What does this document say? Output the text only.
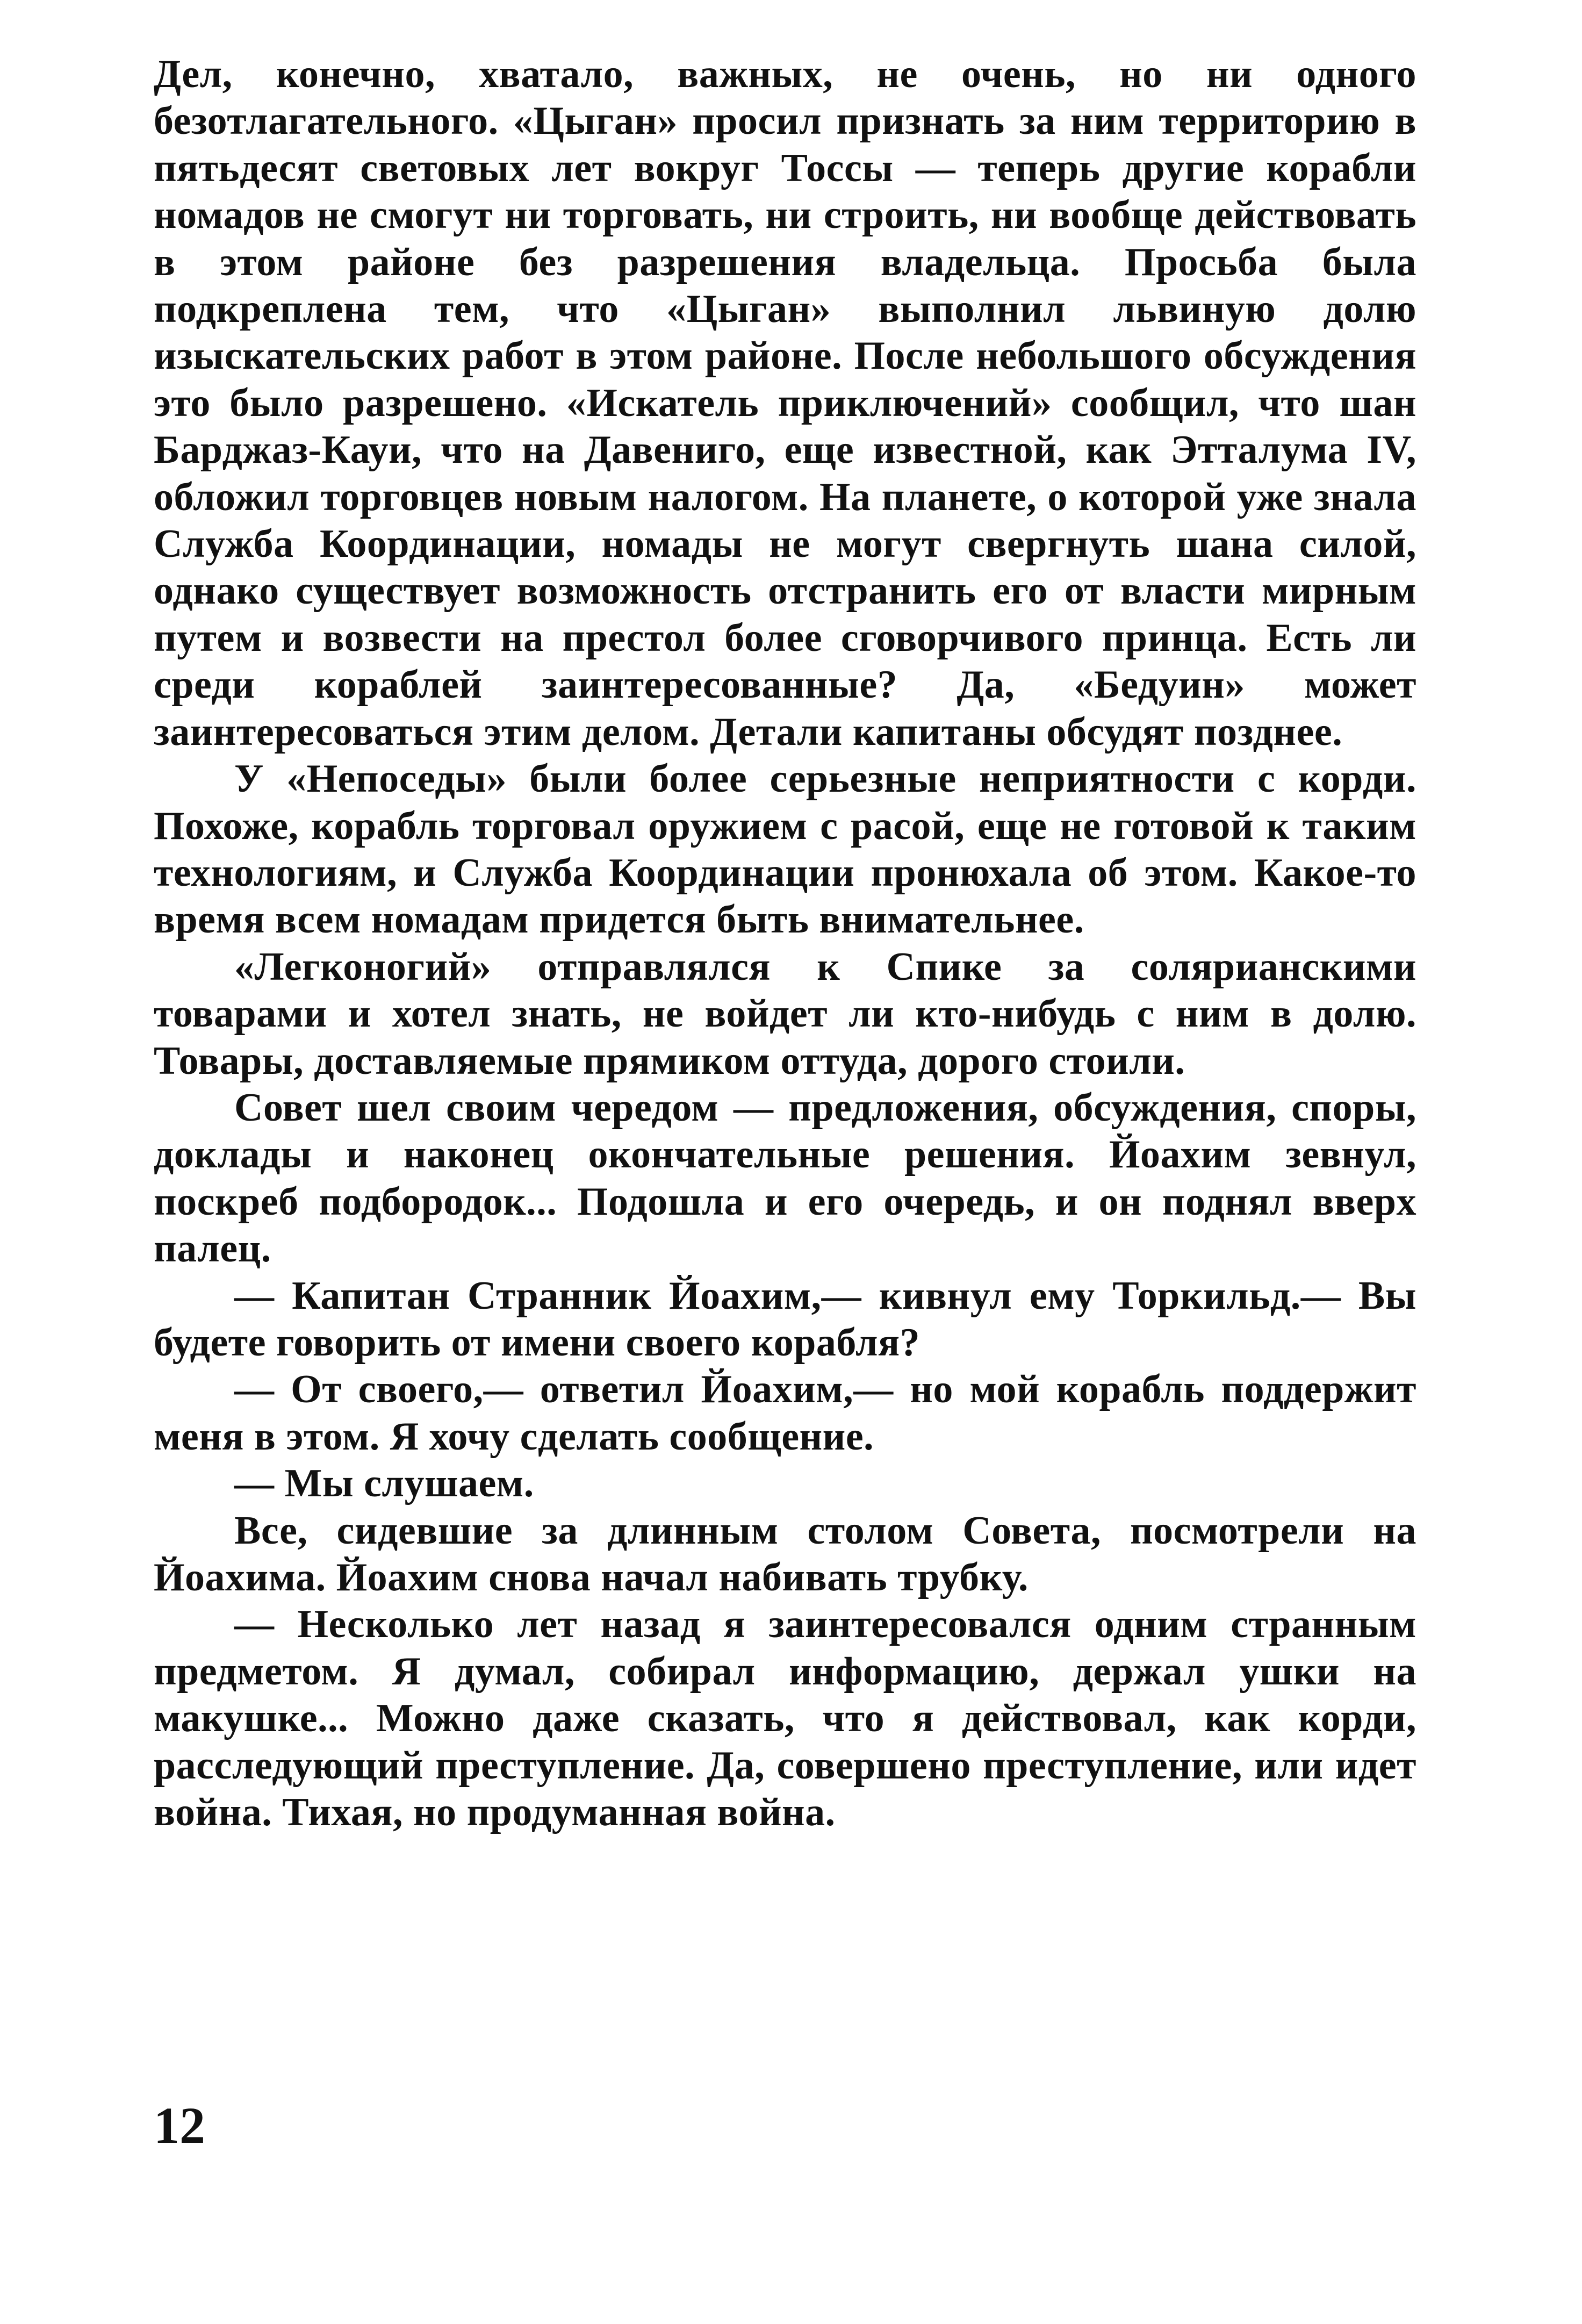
Дел, конечно, хватало, важных, не очень, но ни одного безотлагательного. «Цыган» просил признать за ним территорию в пятьдесят световых лет вокруг Тоссы — теперь другие корабли номадов не смогут ни торговать, ни строить, ни вообще действовать в этом районе без разрешения владельца. Просьба была подкреплена тем, что «Цыган» выполнил львиную долю изыскательских работ в этом районе. После небольшого обсуждения это было разрешено. «Искатель приключений» сообщил, что шан Барджаз-Кауи, что на Давениго, еще известной, как Этталума IV, обложил торговцев новым налогом. На планете, о которой уже знала Служба Координации, номады не могут свергнуть шана силой, однако существует возможность отстранить его от власти мирным путем и возвести на престол более сговорчивого принца. Есть ли среди кораблей заинтересованные? Да, «Бедуин» может заинтересоваться этим делом. Детали капитаны обсудят позднее.

У «Непоседы» были более серьезные неприятности с корди. Похоже, корабль торговал оружием с расой, еще не готовой к таким технологиям, и Служба Координации пронюхала об этом. Какое-то время всем номадам придется быть внимательнее.

«Легконогий» отправлялся к Спике за солярианскими товарами и хотел знать, не войдет ли кто-нибудь с ним в долю. Товары, доставляемые прямиком оттуда, дорого стоили.

Совет шел своим чередом — предложения, обсуждения, споры, доклады и наконец окончательные решения. Йоахим зевнул, поскреб подбородок... Подошла и его очередь, и он поднял вверх палец.

— Капитан Странник Йоахим,— кивнул ему Торкильд.— Вы будете говорить от имени своего корабля?

— От своего,— ответил Йоахим,— но мой корабль поддержит меня в этом. Я хочу сделать сообщение.

— Мы слушаем.

Все, сидевшие за длинным столом Совета, посмотрели на Йоахима. Йоахим снова начал набивать трубку.

— Несколько лет назад я заинтересовался одним странным предметом. Я думал, собирал информацию, держал ушки на макушке... Можно даже сказать, что я действовал, как корди, расследующий преступление. Да, совершено преступление, или идет война. Тихая, но продуманная война.

12
